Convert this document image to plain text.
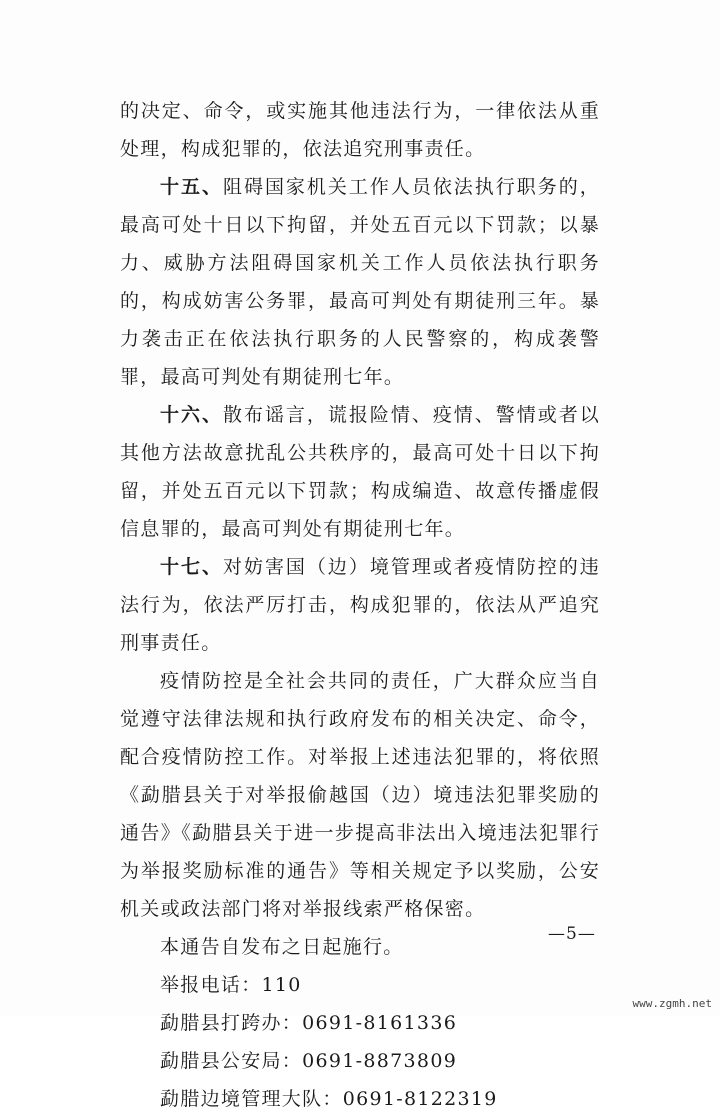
的决定、命令，或实施其他违法行为，一律依法从重处理，构成犯罪的，依法追究刑事责任。

十五、阻碍国家机关工作人员依法执行职务的，最高可处十日以下拘留，并处五百元以下罚款；以暴力、威胁方法阻碍国家机关工作人员依法执行职务的，构成妨害公务罪，最高可判处有期徒刑三年。暴力袭击正在依法执行职务的人民警察的，构成袭警罪，最高可判处有期徒刑七年。

十六、散布谣言，谎报险情、疫情、警情或者以其他方法故意扰乱公共秩序的，最高可处十日以下拘留，并处五百元以下罚款；构成编造、故意传播虚假信息罪的，最高可判处有期徒刑七年。

十七、对妨害国（边）境管理或者疫情防控的违法行为，依法严厉打击，构成犯罪的，依法从严追究刑事责任。

疫情防控是全社会共同的责任，广大群众应当自觉遵守法律法规和执行政府发布的相关决定、命令，配合疫情防控工作。对举报上述违法犯罪的，将依照《勐腊县关于对举报偷越国（边）境违法犯罪奖励的通告》《勐腊县关于进一步提高非法出入境违法犯罪行为举报奖励标准的通告》等相关规定予以奖励，公安机关或政法部门将对举报线索严格保密。

本通告自发布之日起施行。

举报电话：110

勐腊县打跨办：0691-8161336

勐腊县公安局：0691-8873809

勐腊边境管理大队：0691-8122319

—5—
www.zgmh.net
